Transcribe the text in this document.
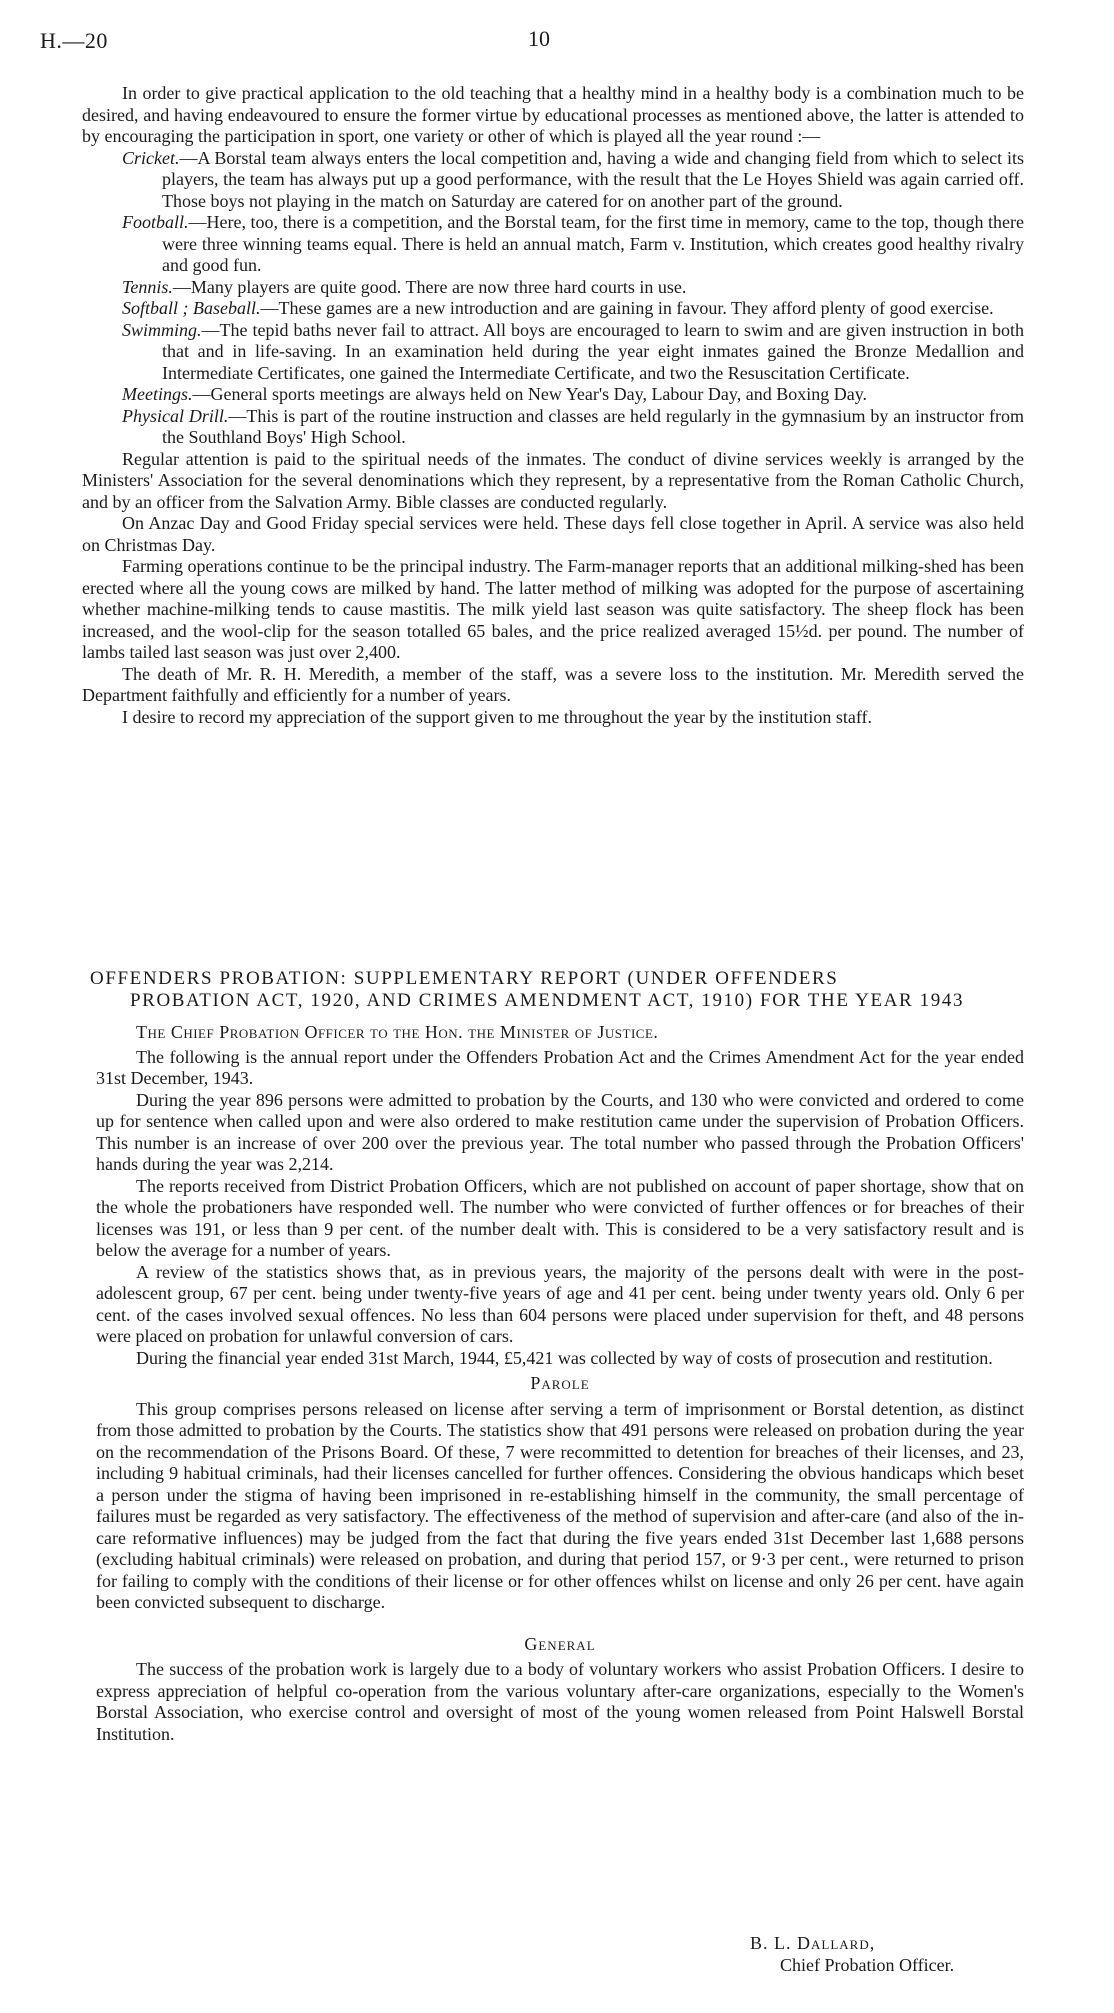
H.—20	10

In order to give practical application to the old teaching that a healthy mind in a healthy body is a combination much to be desired, and having endeavoured to ensure the former virtue by educational processes as mentioned above, the latter is attended to by encouraging the participation in sport, one variety or other of which is played all the year round :—

Cricket.—A Borstal team always enters the local competition and, having a wide and changing field from which to select its players, the team has always put up a good performance, with the result that the Le Hoyes Shield was again carried off. Those boys not playing in the match on Saturday are catered for on another part of the ground.

Football.—Here, too, there is a competition, and the Borstal team, for the first time in memory, came to the top, though there were three winning teams equal. There is held an annual match, Farm v. Institution, which creates good healthy rivalry and good fun.

Tennis.—Many players are quite good. There are now three hard courts in use.

Softball ; Baseball.—These games are a new introduction and are gaining in favour. They afford plenty of good exercise.

Swimming.—The tepid baths never fail to attract. All boys are encouraged to learn to swim and are given instruction in both that and in life-saving. In an examination held during the year eight inmates gained the Bronze Medallion and Intermediate Certificates, one gained the Intermediate Certificate, and two the Resuscitation Certificate.

Meetings.—General sports meetings are always held on New Year's Day, Labour Day, and Boxing Day.

Physical Drill.—This is part of the routine instruction and classes are held regularly in the gymnasium by an instructor from the Southland Boys' High School.

Regular attention is paid to the spiritual needs of the inmates. The conduct of divine services weekly is arranged by the Ministers' Association for the several denominations which they represent, by a representative from the Roman Catholic Church, and by an officer from the Salvation Army. Bible classes are conducted regularly.

On Anzac Day and Good Friday special services were held. These days fell close together in April. A service was also held on Christmas Day.

Farming operations continue to be the principal industry. The Farm-manager reports that an additional milking-shed has been erected where all the young cows are milked by hand. The latter method of milking was adopted for the purpose of ascertaining whether machine-milking tends to cause mastitis. The milk yield last season was quite satisfactory. The sheep flock has been increased, and the wool-clip for the season totalled 65 bales, and the price realized averaged 15½d. per pound. The number of lambs tailed last season was just over 2,400.

The death of Mr. R. H. Meredith, a member of the staff, was a severe loss to the institution. Mr. Meredith served the Department faithfully and efficiently for a number of years.

I desire to record my appreciation of the support given to me throughout the year by the institution staff.

OFFENDERS PROBATION: SUPPLEMENTARY REPORT (UNDER OFFENDERS
PROBATION ACT, 1920, AND CRIMES AMENDMENT ACT, 1910) FOR THE YEAR 1943

The Chief Probation Officer to the Hon. the Minister of Justice.

The following is the annual report under the Offenders Probation Act and the Crimes Amendment Act for the year ended 31st December, 1943.

During the year 896 persons were admitted to probation by the Courts, and 130 who were convicted and ordered to come up for sentence when called upon and were also ordered to make restitution came under the supervision of Probation Officers. This number is an increase of over 200 over the previous year. The total number who passed through the Probation Officers' hands during the year was 2,214.

The reports received from District Probation Officers, which are not published on account of paper shortage, show that on the whole the probationers have responded well. The number who were convicted of further offences or for breaches of their licenses was 191, or less than 9 per cent. of the number dealt with. This is considered to be a very satisfactory result and is below the average for a number of years.

A review of the statistics shows that, as in previous years, the majority of the persons dealt with were in the post-adolescent group, 67 per cent. being under twenty-five years of age and 41 per cent. being under twenty years old. Only 6 per cent. of the cases involved sexual offences. No less than 604 persons were placed under supervision for theft, and 48 persons were placed on probation for unlawful conversion of cars.

During the financial year ended 31st March, 1944, £5,421 was collected by way of costs of prosecution and restitution.

Parole

This group comprises persons released on license after serving a term of imprisonment or Borstal detention, as distinct from those admitted to probation by the Courts. The statistics show that 491 persons were released on probation during the year on the recommendation of the Prisons Board. Of these, 7 were recommitted to detention for breaches of their licenses, and 23, including 9 habitual criminals, had their licenses cancelled for further offences. Considering the obvious handicaps which beset a person under the stigma of having been imprisoned in re-establishing himself in the community, the small percentage of failures must be regarded as very satisfactory. The effectiveness of the method of supervision and after-care (and also of the in-care reformative influences) may be judged from the fact that during the five years ended 31st December last 1,688 persons (excluding habitual criminals) were released on probation, and during that period 157, or 9·3 per cent., were returned to prison for failing to comply with the conditions of their license or for other offences whilst on license and only 26 per cent. have again been convicted subsequent to discharge.

General

The success of the probation work is largely due to a body of voluntary workers who assist Probation Officers. I desire to express appreciation of helpful co-operation from the various voluntary after-care organizations, especially to the Women's Borstal Association, who exercise control and oversight of most of the young women released from Point Halswell Borstal Institution.

B. L. Dallard,
Chief Probation Officer.
